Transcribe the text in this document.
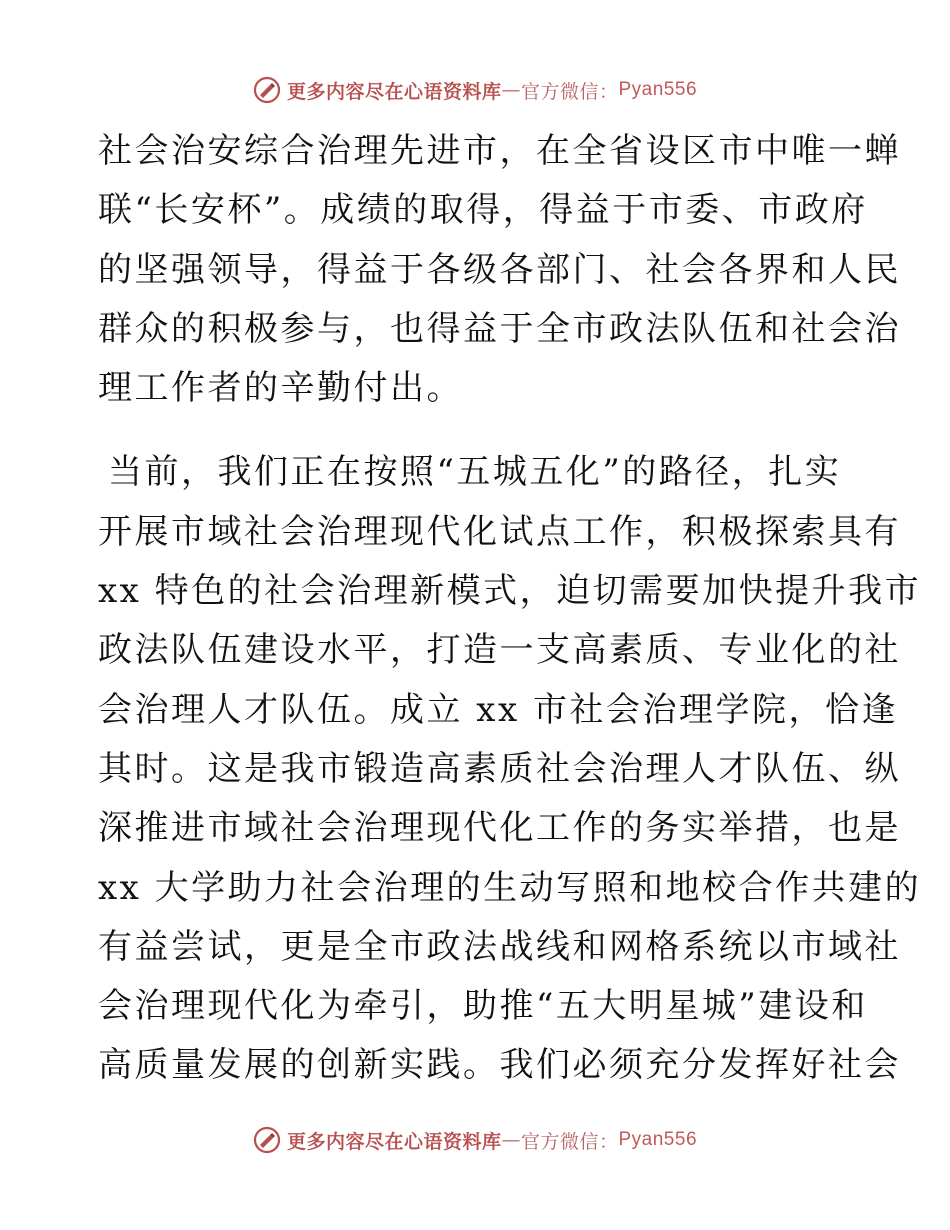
更多内容尽在心语资料库 — 官方微信： Pyan556
社会治安综合治理先进市，在全省设区市中唯一蝉
联“长安杯”。成绩的取得，得益于市委、市政府
的坚强领导，得益于各级各部门、社会各界和人民
群众的积极参与，也得益于全市政法队伍和社会治
理工作者的辛勤付出。
当前，我们正在按照“五城五化”的路径，扎实
开展市域社会治理现代化试点工作，积极探索具有
xx 特色的社会治理新模式，迫切需要加快提升我市
政法队伍建设水平，打造一支高素质、专业化的社
会治理人才队伍。成立 xx 市社会治理学院，恰逢
其时。这是我市锻造高素质社会治理人才队伍、纵
深推进市域社会治理现代化工作的务实举措，也是
xx 大学助力社会治理的生动写照和地校合作共建的
有益尝试，更是全市政法战线和网格系统以市域社
会治理现代化为牵引，助推“五大明星城”建设和
高质量发展的创新实践。我们必须充分发挥好社会
更多内容尽在心语资料库 — 官方微信： Pyan556
